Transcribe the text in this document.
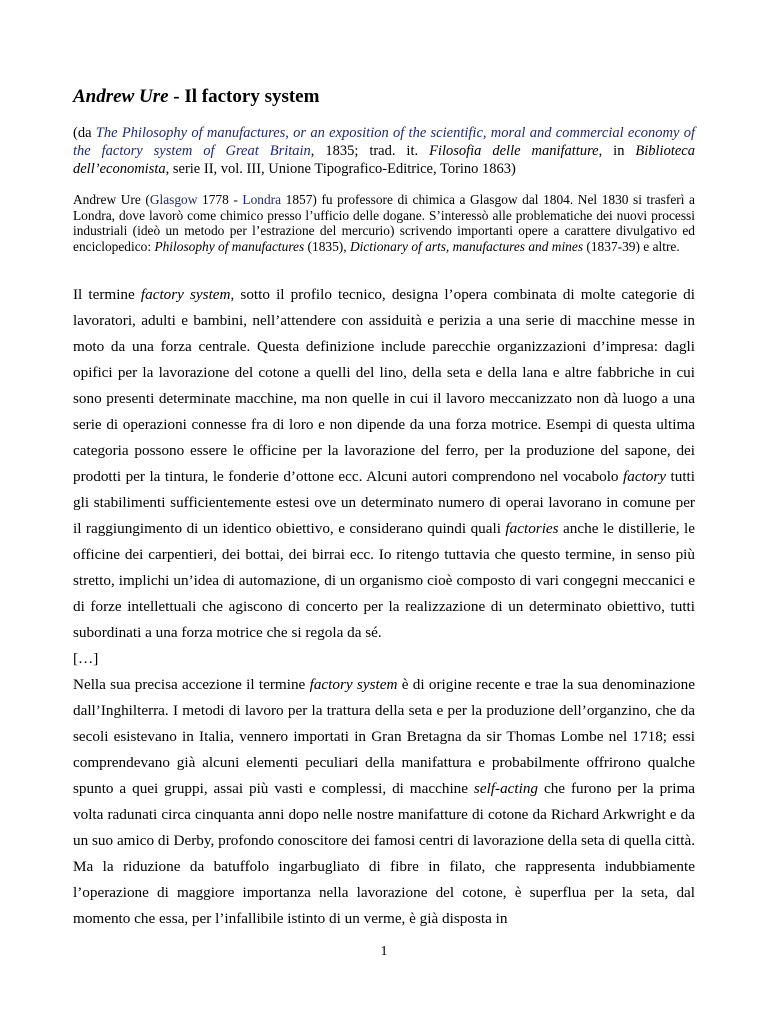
Andrew Ure - Il factory system

(da The Philosophy of manufactures, or an exposition of the scientific, moral and commercial economy of the factory system of Great Britain, 1835; trad. it. Filosofia delle manifatture, in Biblioteca dell’economista, serie II, vol. III, Unione Tipografico-Editrice, Torino 1863)

Andrew Ure (Glasgow 1778 - Londra 1857) fu professore di chimica a Glasgow dal 1804. Nel 1830 si trasferì a Londra, dove lavorò come chimico presso l’ufficio delle dogane. S’interessò alle problematiche dei nuovi processi industriali (ideò un metodo per l’estrazione del mercurio) scrivendo importanti opere a carattere divulgativo ed enciclopedico: Philosophy of manufactures (1835), Dictionary of arts, manufactures and mines (1837-39) e altre.

Il termine factory system, sotto il profilo tecnico, designa l’opera combinata di molte categorie di lavoratori, adulti e bambini, nell’attendere con assiduità e perizia a una serie di macchine messe in moto da una forza centrale. Questa definizione include parecchie organizzazioni d’impresa: dagli opifici per la lavorazione del cotone a quelli del lino, della seta e della lana e altre fabbriche in cui sono presenti determinate macchine, ma non quelle in cui il lavoro meccanizzato non dà luogo a una serie di operazioni connesse fra di loro e non dipende da una forza motrice. Esempi di questa ultima categoria possono essere le officine per la lavorazione del ferro, per la produzione del sapone, dei prodotti per la tintura, le fonderie d’ottone ecc. Alcuni autori comprendono nel vocabolo factory tutti gli stabilimenti sufficientemente estesi ove un determinato numero di operai lavorano in comune per il raggiungimento di un identico obiettivo, e considerano quindi quali factories anche le distillerie, le officine dei carpentieri, dei bottai, dei birrai ecc. Io ritengo tuttavia che questo termine, in senso più stretto, implichi un’idea di automazione, di un organismo cioè composto di vari congegni meccanici e di forze intellettuali che agiscono di concerto per la realizzazione di un determinato obiettivo, tutti subordinati a una forza motrice che si regola da sé.

[…]

Nella sua precisa accezione il termine factory system è di origine recente e trae la sua denominazione dall’Inghilterra. I metodi di lavoro per la trattura della seta e per la produzione dell’organzino, che da secoli esistevano in Italia, vennero importati in Gran Bretagna da sir Thomas Lombe nel 1718; essi comprendevano già alcuni elementi peculiari della manifattura e probabilmente offrirono qualche spunto a quei gruppi, assai più vasti e complessi, di macchine self-acting che furono per la prima volta radunati circa cinquanta anni dopo nelle nostre manifatture di cotone da Richard Arkwright e da un suo amico di Derby, profondo conoscitore dei famosi centri di lavorazione della seta di quella città. Ma la riduzione da batuffolo ingarbugliato di fibre in filato, che rappresenta indubbiamente l’operazione di maggiore importanza nella lavorazione del cotone, è superflua per la seta, dal momento che essa, per l’infallibile istinto di un verme, è già disposta in

1
